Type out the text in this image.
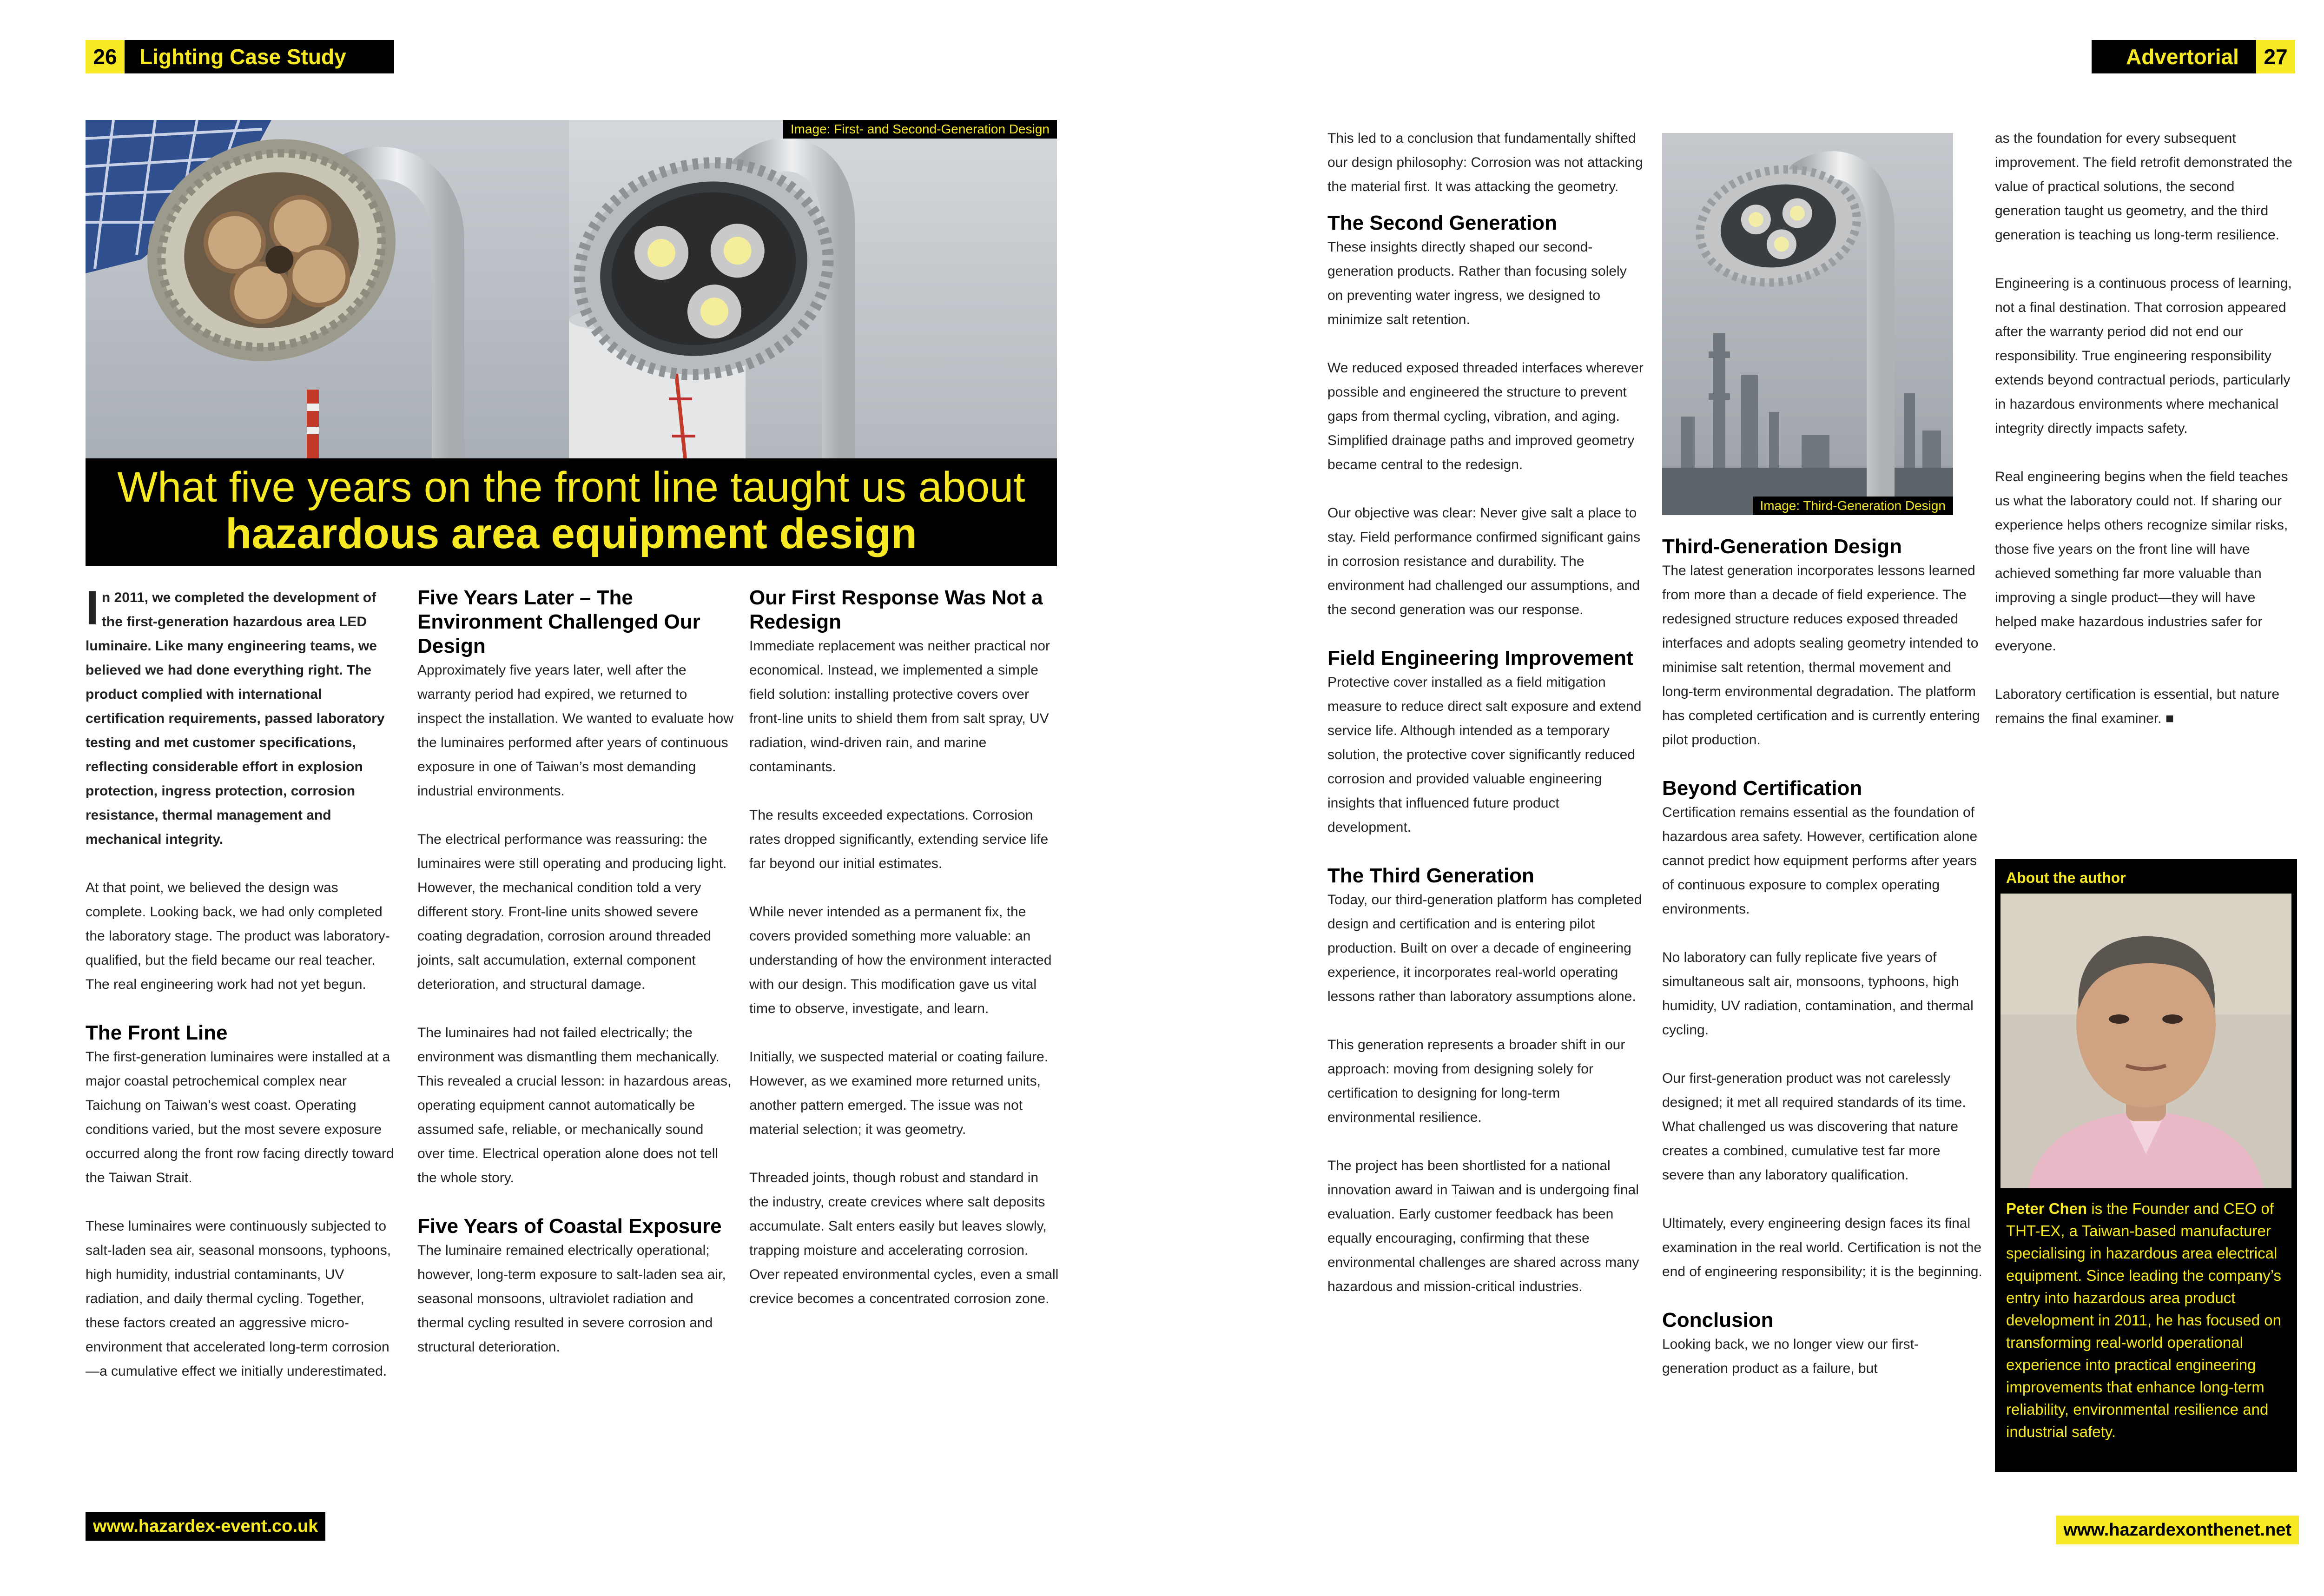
26	Lighting Case Study	Advertorial	27
Image: First- and Second-Generation Design
What five years on the front line taught us about
hazardous area equipment design

In 2011, we completed the development of the first-generation hazardous area LED luminaire. Like many engineering teams, we believed we had done everything right. The product complied with international certification requirements, passed laboratory testing and met customer specifications, reflecting considerable effort in explosion protection, ingress protection, corrosion resistance, thermal management and mechanical integrity.

At that point, we believed the design was complete. Looking back, we had only completed the laboratory stage. The product was laboratory-qualified, but the field became our real teacher. The real engineering work had not yet begun.

The Front Line

The first-generation luminaires were installed at a major coastal petrochemical complex near Taichung on Taiwan’s west coast. Operating conditions varied, but the most severe exposure occurred along the front row facing directly toward the Taiwan Strait.

These luminaires were continuously subjected to salt-laden sea air, seasonal monsoons, typhoons, high humidity, industrial contaminants, UV radiation, and daily thermal cycling. Together, these factors created an aggressive micro-environment that accelerated long-term corrosion—a cumulative effect we initially underestimated.

Five Years Later – The Environment Challenged Our Design

Approximately five years later, well after the warranty period had expired, we returned to inspect the installation. We wanted to evaluate how the luminaires performed after years of continuous exposure in one of Taiwan’s most demanding industrial environments.

The electrical performance was reassuring: the luminaires were still operating and producing light. However, the mechanical condition told a very different story. Front-line units showed severe coating degradation, corrosion around threaded joints, salt accumulation, external component deterioration, and structural damage.

The luminaires had not failed electrically; the environment was dismantling them mechanically. This revealed a crucial lesson: in hazardous areas, operating equipment cannot automatically be assumed safe, reliable, or mechanically sound over time. Electrical operation alone does not tell the whole story.

Five Years of Coastal Exposure

The luminaire remained electrically operational; however, long-term exposure to salt-laden sea air, seasonal monsoons, ultraviolet radiation and thermal cycling resulted in severe corrosion and structural deterioration.

Our First Response Was Not a Redesign

Immediate replacement was neither practical nor economical. Instead, we implemented a simple field solution: installing protective covers over front-line units to shield them from salt spray, UV radiation, wind-driven rain, and marine contaminants.

The results exceeded expectations. Corrosion rates dropped significantly, extending service life far beyond our initial estimates.

While never intended as a permanent fix, the covers provided something more valuable: an understanding of how the environment interacted with our design. This modification gave us vital time to observe, investigate, and learn.

Initially, we suspected material or coating failure. However, as we examined more returned units, another pattern emerged. The issue was not material selection; it was geometry.

Threaded joints, though robust and standard in the industry, create crevices where salt deposits accumulate. Salt enters easily but leaves slowly, trapping moisture and accelerating corrosion. Over repeated environmental cycles, even a small crevice becomes a concentrated corrosion zone.

This led to a conclusion that fundamentally shifted our design philosophy: Corrosion was not attacking the material first. It was attacking the geometry.

The Second Generation

These insights directly shaped our second-generation products. Rather than focusing solely on preventing water ingress, we designed to minimize salt retention.

We reduced exposed threaded interfaces wherever possible and engineered the structure to prevent gaps from thermal cycling, vibration, and aging. Simplified drainage paths and improved geometry became central to the redesign.

Our objective was clear: Never give salt a place to stay. Field performance confirmed significant gains in corrosion resistance and durability. The environment had challenged our assumptions, and the second generation was our response.

Field Engineering Improvement

Protective cover installed as a field mitigation measure to reduce direct salt exposure and extend service life. Although intended as a temporary solution, the protective cover significantly reduced corrosion and provided valuable engineering insights that influenced future product development.

The Third Generation

Today, our third-generation platform has completed design and certification and is entering pilot production. Built on over a decade of engineering experience, it incorporates real-world operating lessons rather than laboratory assumptions alone.

This generation represents a broader shift in our approach: moving from designing solely for certification to designing for long-term environmental resilience.

The project has been shortlisted for a national innovation award in Taiwan and is undergoing final evaluation. Early customer feedback has been equally encouraging, confirming that these environmental challenges are shared across many hazardous and mission-critical industries.

Image: Third-Generation Design
Third-Generation Design

The latest generation incorporates lessons learned from more than a decade of field experience. The redesigned structure reduces exposed threaded interfaces and adopts sealing geometry intended to minimise salt retention, thermal movement and long-term environmental degradation. The platform has completed certification and is currently entering pilot production.

Beyond Certification

Certification remains essential as the foundation of hazardous area safety. However, certification alone cannot predict how equipment performs after years of continuous exposure to complex operating environments.

No laboratory can fully replicate five years of simultaneous salt air, monsoons, typhoons, high humidity, UV radiation, contamination, and thermal cycling.

Our first-generation product was not carelessly designed; it met all required standards of its time. What challenged us was discovering that nature creates a combined, cumulative test far more severe than any laboratory qualification.

Ultimately, every engineering design faces its final examination in the real world. Certification is not the end of engineering responsibility; it is the beginning.

Conclusion

Looking back, we no longer view our first-generation product as a failure, but

as the foundation for every subsequent improvement. The field retrofit demonstrated the value of practical solutions, the second generation taught us geometry, and the third generation is teaching us long-term resilience.

Engineering is a continuous process of learning, not a final destination. That corrosion appeared after the warranty period did not end our responsibility. True engineering responsibility extends beyond contractual periods, particularly in hazardous environments where mechanical integrity directly impacts safety.

Real engineering begins when the field teaches us what the laboratory could not. If sharing our experience helps others recognize similar risks, those five years on the front line will have achieved something far more valuable than improving a single product—they will have helped make hazardous industries safer for everyone.

Laboratory certification is essential, but nature remains the final examiner. ■

About the author
Peter Chen is the Founder and CEO of THT-EX, a Taiwan-based manufacturer specialising in hazardous area electrical equipment. Since leading the company’s entry into hazardous area product development in 2011, he has focused on transforming real-world operational experience into practical engineering improvements that enhance long-term reliability, environmental resilience and industrial safety.
www.hazardex-event.co.uk	www.hazardexonthenet.net
